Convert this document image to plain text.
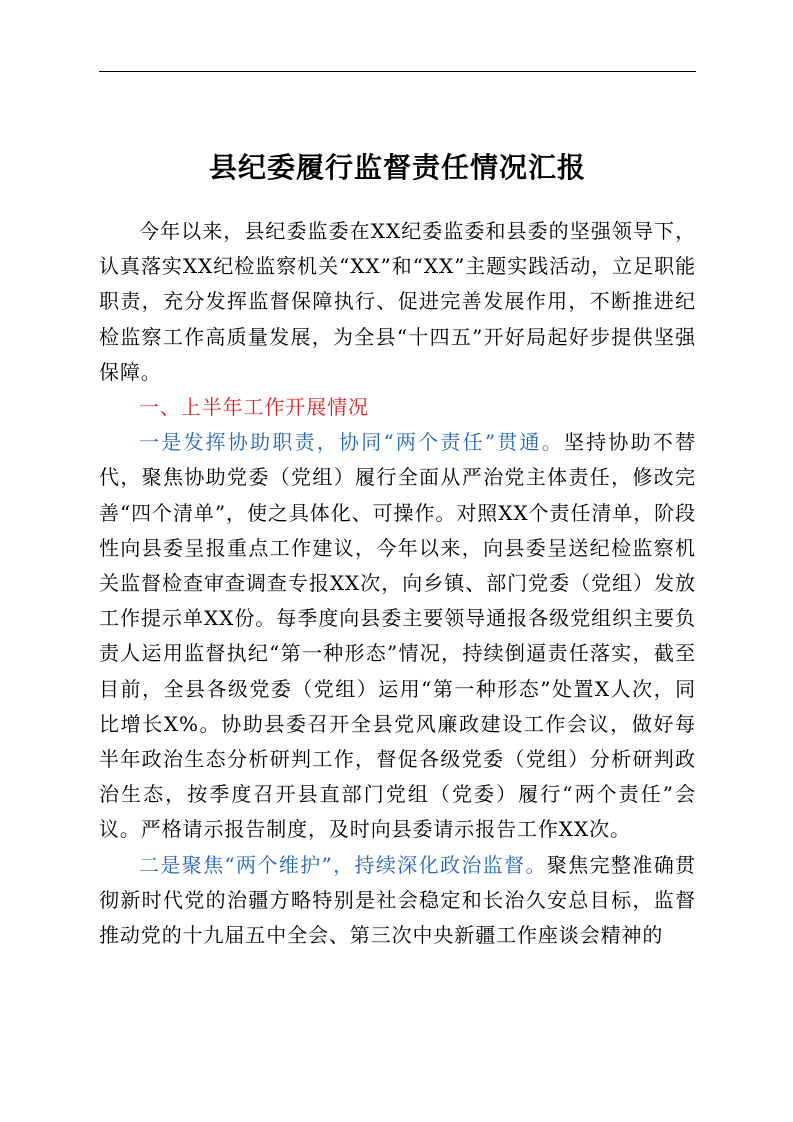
县纪委履行监督责任情况汇报

今年以来，县纪委监委在XX纪委监委和县委的坚强领导下，认真落实XX纪检监察机关“XX”和“XX”主题实践活动，立足职能职责，充分发挥监督保障执行、促进完善发展作用，不断推进纪检监察工作高质量发展，为全县“十四五”开好局起好步提供坚强保障。

一、上半年工作开展情况

一是发挥协助职责，协同“两个责任”贯通。坚持协助不替代，聚焦协助党委（党组）履行全面从严治党主体责任，修改完善“四个清单”，使之具体化、可操作。对照XX个责任清单，阶段性向县委呈报重点工作建议，今年以来，向县委呈送纪检监察机关监督检查审查调查专报XX次，向乡镇、部门党委（党组）发放工作提示单XX份。每季度向县委主要领导通报各级党组织主要负责人运用监督执纪“第一种形态”情况，持续倒逼责任落实，截至目前，全县各级党委（党组）运用“第一种形态”处置X人次，同比增长X%。协助县委召开全县党风廉政建设工作会议，做好每半年政治生态分析研判工作，督促各级党委（党组）分析研判政治生态，按季度召开县直部门党组（党委）履行“两个责任”会议。严格请示报告制度，及时向县委请示报告工作XX次。

二是聚焦“两个维护”，持续深化政治监督。聚焦完整准确贯彻新时代党的治疆方略特别是社会稳定和长治久安总目标，监督推动党的十九届五中全会、第三次中央新疆工作座谈会精神的
